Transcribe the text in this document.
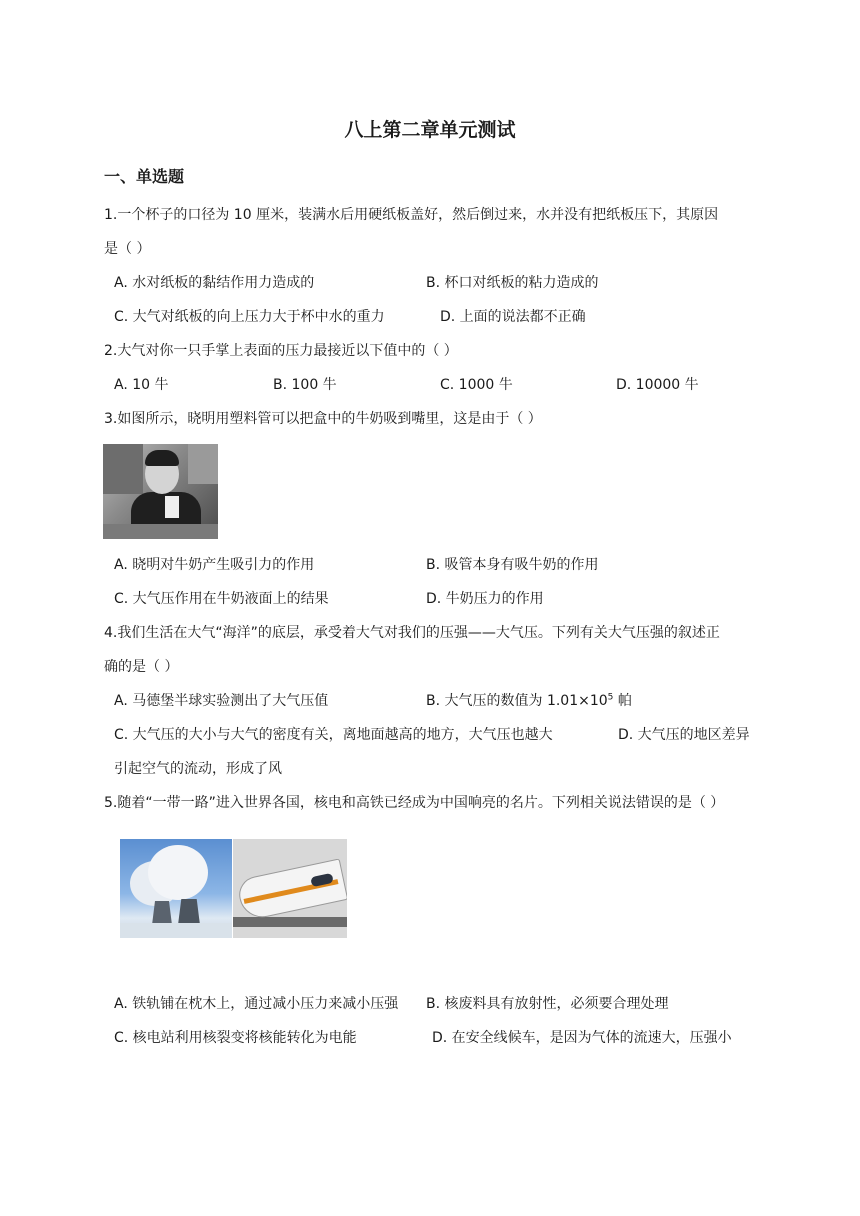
八上第二章单元测试
一、单选题
1.一个杯子的口径为 10 厘米，装满水后用硬纸板盖好，然后倒过来，水并没有把纸板压下，其原因
是（ ）
A. 水对纸板的黏结作用力造成的	B. 杯口对纸板的粘力造成的
C. 大气对纸板的向上压力大于杯中水的重力	D. 上面的说法都不正确
2.大气对你一只手掌上表面的压力最接近以下值中的（ ）
A. 10 牛	B. 100 牛	C. 1000 牛	D. 10000 牛
3.如图所示，晓明用塑料管可以把盒中的牛奶吸到嘴里，这是由于（ ）
A. 晓明对牛奶产生吸引力的作用	B. 吸管本身有吸牛奶的作用
C. 大气压作用在牛奶液面上的结果	D. 牛奶压力的作用
4.我们生活在大气“海洋”的底层，承受着大气对我们的压强——大气压。下列有关大气压强的叙述正
确的是（ ）
A. 马德堡半球实验测出了大气压值	B. 大气压的数值为 $1.01\times 10^5$ 帕
C. 大气压的大小与大气的密度有关，离地面越高的地方，大气压也越大	D. 大气压的地区差异
引起空气的流动，形成了风
5.随着“一带一路”进入世界各国，核电和高铁已经成为中国响亮的名片。下列相关说法错误的是（ ）
A. 铁轨铺在枕木上，通过减小压力来减小压强 B. 核废料具有放射性，必须要合理处理
C. 核电站利用核裂变将核能转化为电能	D. 在安全线候车，是因为气体的流速大，压强小
